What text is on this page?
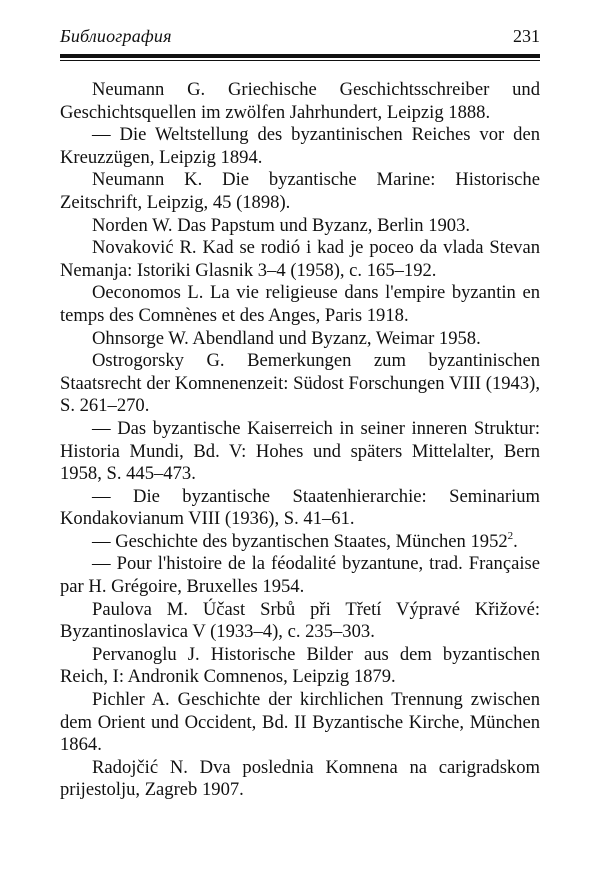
Библиография	231

Neumann G. Griechische Geschichtsschreiber und Geschichtsquellen im zwölfen Jahrhundert, Leipzig 1888.

— Die Weltstellung des byzantinischen Reiches vor den Kreuzzügen, Leipzig 1894.

Neumann K. Die byzantische Marine: Historische Zeitschrift, Leipzig, 45 (1898).

Norden W. Das Papstum und Byzanz, Berlin 1903.

Novaković R. Kad se rodió i kad je poceo da vlada Stevan Nemanja: Istoriki Glasnik 3–4 (1958), c. 165–192.

Oeconomos L. La vie religieuse dans l'empire byzantin en temps des Comnènes et des Anges, Paris 1918.

Ohnsorge W. Abendland und Byzanz, Weimar 1958.

Ostrogorsky G. Bemerkungen zum byzantinischen Staatsrecht der Komnenenzeit: Südost Forschungen VIII (1943), S. 261–270.

— Das byzantische Kaiserreich in seiner inneren Struktur: Historia Mundi, Bd. V: Hohes und späters Mittelalter, Bern 1958, S. 445–473.

— Die byzantische Staatenhierarchie: Seminarium Kondakovianum VIII (1936), S. 41–61.

— Geschichte des byzantischen Staates, München 1952$^2$.

— Pour l'histoire de la féodalité byzantune, trad. Française par H. Grégoire, Bruxelles 1954.

Paulova M. Účast Srbů při Třetí Výpravé Křižové: Byzantinoslavica V (1933–4), c. 235–303.

Pervanoglu J. Historische Bilder aus dem byzantischen Reich, I: Andronik Comnenos, Leipzig 1879.

Pichler A. Geschichte der kirchlichen Trennung zwischen dem Orient und Occident, Bd. II Byzantische Kirche, München 1864.

Radojčić N. Dva poslednia Komnena na carigradskom prijestolju, Zagreb 1907.
